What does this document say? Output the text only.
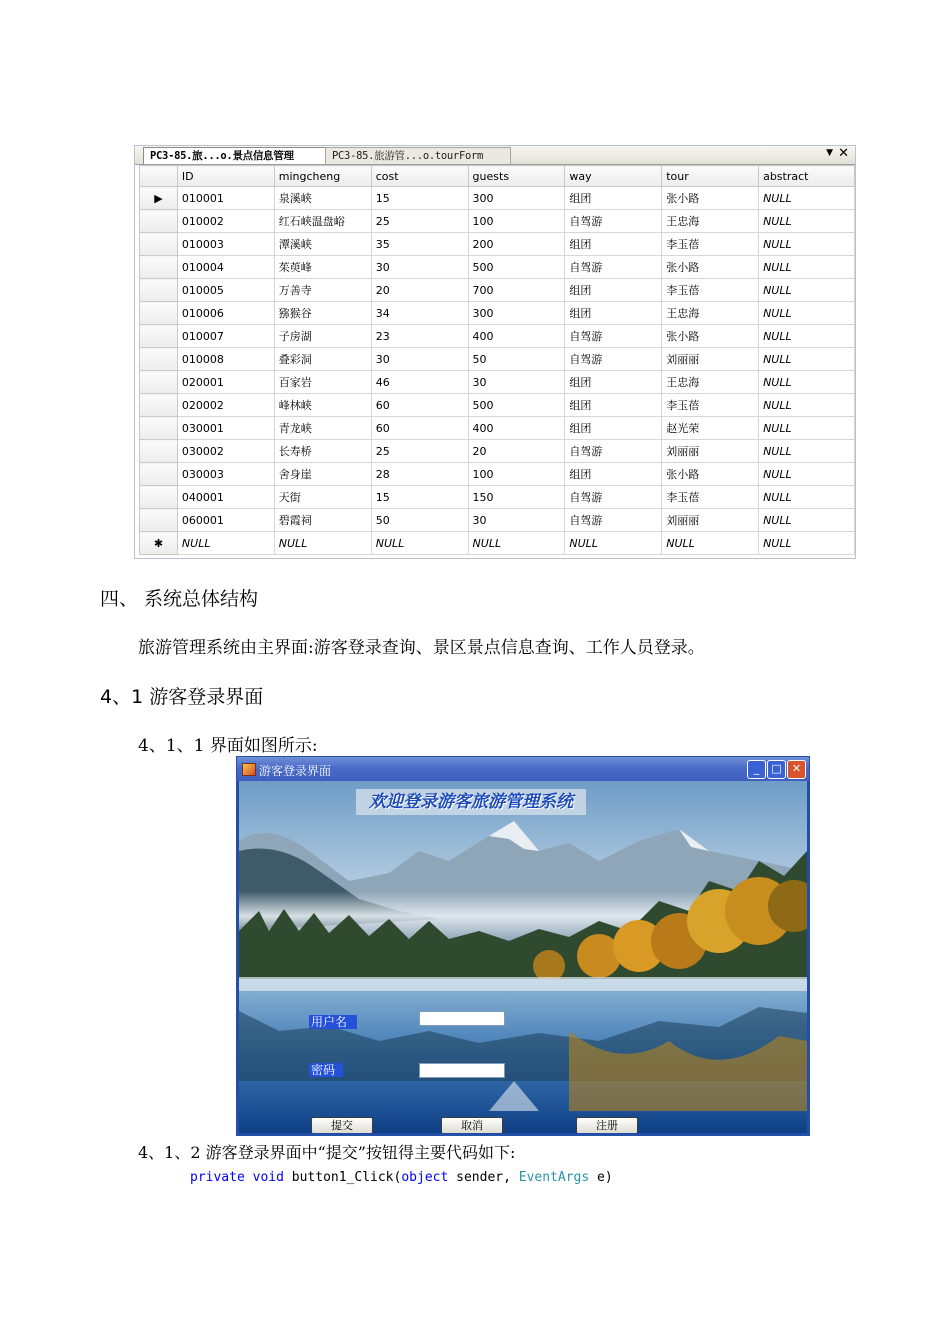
PC3-85.旅...o.景点信息管理	PC3-85.旅游管...o.tourForm	▼ ✕
	ID	mingcheng	cost	guests	way	tour	abstract
▶	010001	泉溪峡	15	300	组团	张小路	NULL
	010002	红石峡温盘峪	25	100	自驾游	王忠海	NULL
	010003	潭溪峡	35	200	组团	李玉蓓	NULL
	010004	茱萸峰	30	500	自驾游	张小路	NULL
	010005	万善寺	20	700	组团	李玉蓓	NULL
	010006	猕猴谷	34	300	组团	王忠海	NULL
	010007	子房湖	23	400	自驾游	张小路	NULL
	010008	叠彩洞	30	50	自驾游	刘丽丽	NULL
	020001	百家岩	46	30	组团	王忠海	NULL
	020002	峰林峡	60	500	组团	李玉蓓	NULL
	030001	青龙峡	60	400	组团	赵光荣	NULL
	030002	长寿桥	25	20	自驾游	刘丽丽	NULL
	030003	舍身崖	28	100	组团	张小路	NULL
	040001	天街	15	150	自驾游	李玉蓓	NULL
	060001	碧霞祠	50	30	自驾游	刘丽丽	NULL
✱	NULL	NULL	NULL	NULL	NULL	NULL	NULL
四、 系统总体结构
旅游管理系统由主界面:游客登录查询、景区景点信息查询、工作人员登录。
4、1 游客登录界面
4、1、1 界面如图所示:
游客登录界面	_	□ ✕
欢迎登录游客旅游管理系统
用户名
密码
提交	取消	注册
4、1、2 游客登录界面中“提交”按钮得主要代码如下:
private void button1_Click(object sender, EventArgs e)
